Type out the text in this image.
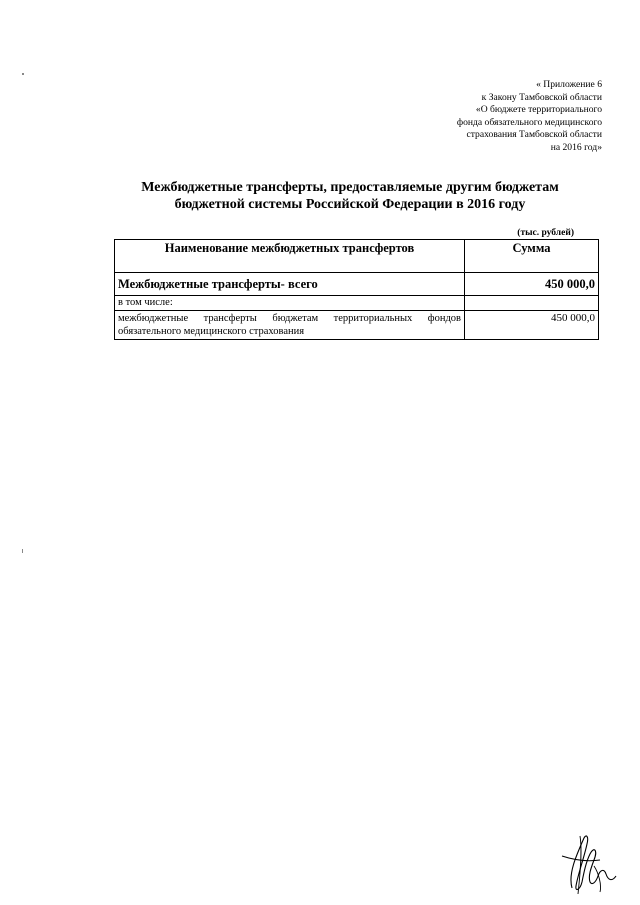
« Приложение 6
к Закону Тамбовской области
«О бюджете территориального
фонда обязательного медицинского
страхования Тамбовской области
на 2016 год»
Межбюджетные трансферты, предоставляемые другим бюджетам
бюджетной системы Российской Федерации в 2016 году
(тыс. рублей)
Наименование межбюджетных трансфертов	Сумма
Межбюджетные трансферты- всего	450 000,0
в том числе:	
межбюджетные трансферты бюджетам территориальных фондов обязательного медицинского страхования	450 000,0
